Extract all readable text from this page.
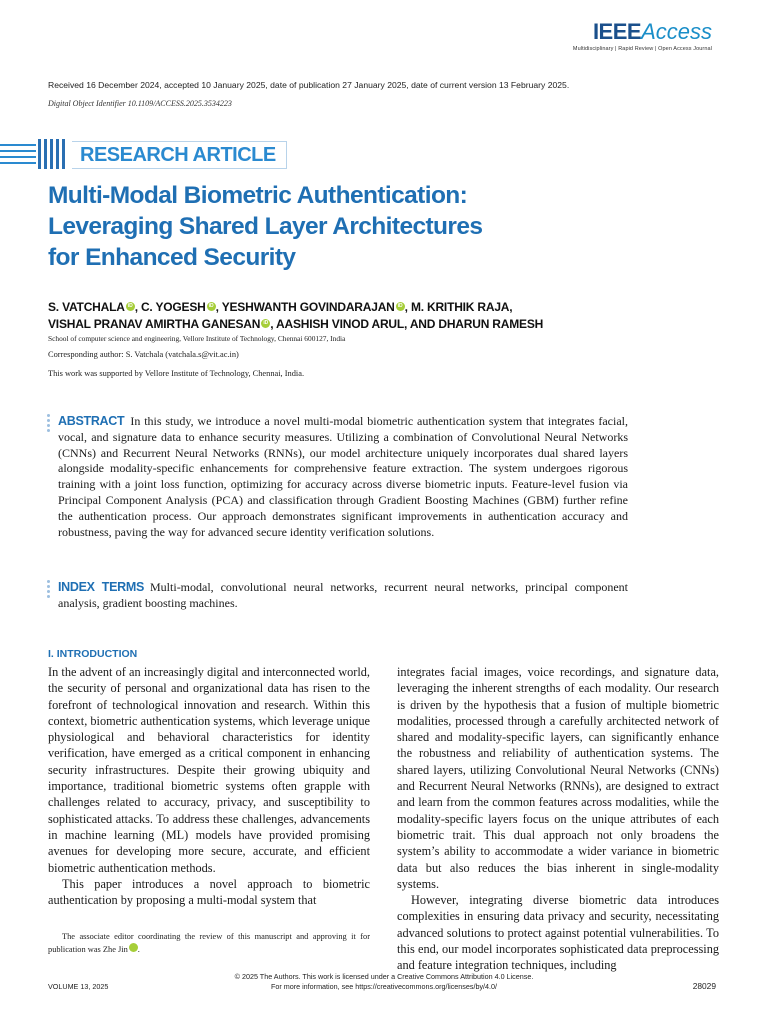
IEEEAccess
Multidisciplinary | Rapid Review | Open Access Journal
Received 16 December 2024, accepted 10 January 2025, date of publication 27 January 2025, date of current version 13 February 2025.
Digital Object Identifier 10.1109/ACCESS.2025.3534223
RESEARCH ARTICLE
Multi-Modal Biometric Authentication:
Leveraging Shared Layer Architectures
for Enhanced Security
S. VATCHALA iD , C. YOGESH iD , YESHWANTH GOVINDARAJAN iD , M. KRITHIK RAJA,
VISHAL PRANAV AMIRTHA GANESAN iD , AASHISH VINOD ARUL, AND DHARUN RAMESH
School of computer science and engineering, Vellore Institute of Technology, Chennai 600127, India
Corresponding author: S. Vatchala (vatchala.s@vit.ac.in)
This work was supported by Vellore Institute of Technology, Chennai, India.
ABSTRACT In this study, we introduce a novel multi-modal biometric authentication system that integrates facial, vocal, and signature data to enhance security measures. Utilizing a combination of Convolutional Neural Networks (CNNs) and Recurrent Neural Networks (RNNs), our model architecture uniquely incorporates dual shared layers alongside modality-specific enhancements for comprehensive feature extraction. The system undergoes rigorous training with a joint loss function, optimizing for accuracy across diverse biometric inputs. Feature-level fusion via Principal Component Analysis (PCA) and classification through Gradient Boosting Machines (GBM) further refine the authentication process. Our approach demonstrates significant improvements in authentication accuracy and robustness, paving the way for advanced secure identity verification solutions.
INDEX TERMS Multi-modal, convolutional neural networks, recurrent neural networks, principal component analysis, gradient boosting machines.
I. INTRODUCTION

In the advent of an increasingly digital and interconnected world, the security of personal and organizational data has risen to the forefront of technological innovation and research. Within this context, biometric authentication systems, which leverage unique physiological and behavioral characteristics for identity verification, have emerged as a critical component in enhancing security infrastructures. Despite their growing ubiquity and importance, traditional biometric systems often grapple with challenges related to accuracy, privacy, and susceptibility to sophisticated attacks. To address these challenges, advancements in machine learning (ML) models have provided promising avenues for developing more secure, accurate, and efficient biometric authentication methods.

This paper introduces a novel approach to biometric authentication by proposing a multi-modal system that

integrates facial images, voice recordings, and signature data, leveraging the inherent strengths of each modality. Our research is driven by the hypothesis that a fusion of multiple biometric modalities, processed through a carefully architected network of shared and modality-specific layers, can significantly enhance the robustness and reliability of authentication systems. The shared layers, utilizing Convolutional Neural Networks (CNNs) and Recurrent Neural Networks (RNNs), are designed to extract and learn from the common features across modalities, while the modality-specific layers focus on the unique attributes of each biometric trait. This dual approach not only broadens the system’s ability to accommodate a wider variance in biometric data but also reduces the bias inherent in single-modality systems.

However, integrating diverse biometric data introduces complexities in ensuring data privacy and security, necessitating advanced solutions to protect against potential vulnerabilities. To this end, our model incorporates sophisticated data preprocessing and feature integration techniques, including

The associate editor coordinating the review of this manuscript and approving it for publication was Zhe Jin	iD.

VOLUME 13, 2025
© 2025 The Authors. This work is licensed under a Creative Commons Attribution 4.0 License.
For more information, see https://creativecommons.org/licenses/by/4.0/	28029
